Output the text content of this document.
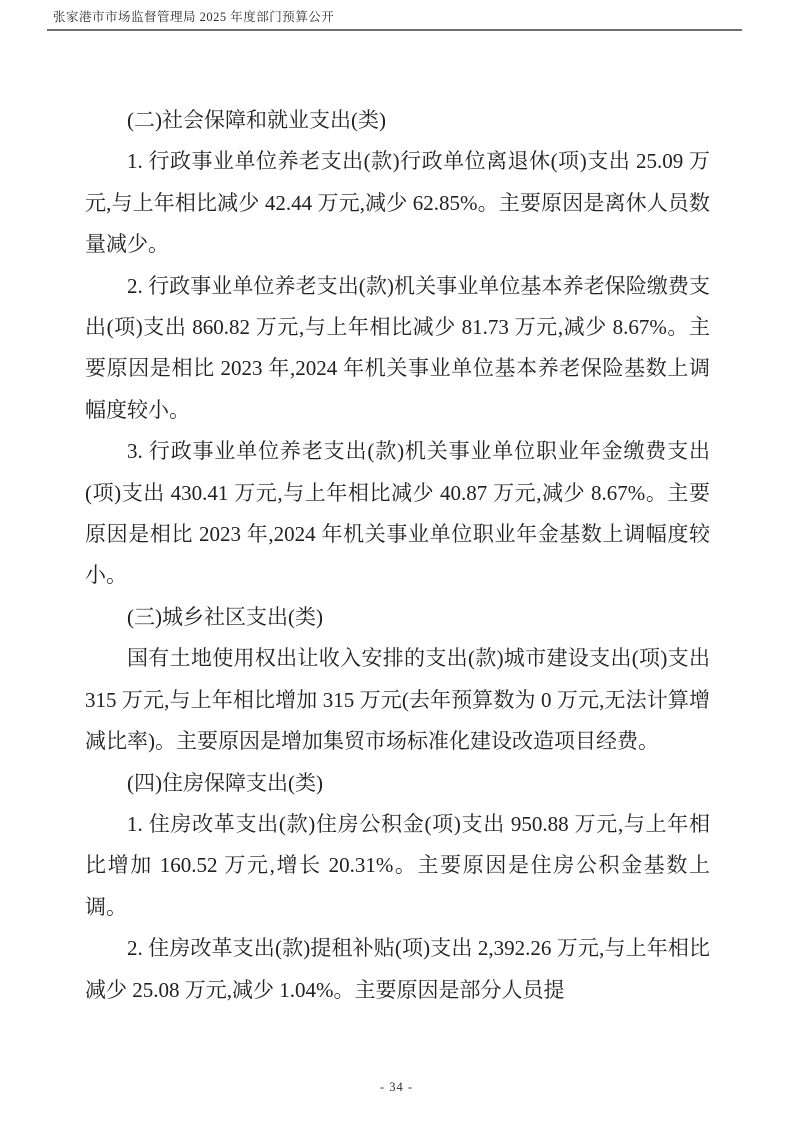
张家港市市场监督管理局 2025 年度部门预算公开

(二)社会保障和就业支出(类)

1. 行政事业单位养老支出(款)行政单位离退休(项)支出 25.09 万元,与上年相比减少 42.44 万元,减少 62.85%。主要原因是离休人员数量减少。

2. 行政事业单位养老支出(款)机关事业单位基本养老保险缴费支出(项)支出 860.82 万元,与上年相比减少 81.73 万元,减少 8.67%。主要原因是相比 2023 年,2024 年机关事业单位基本养老保险基数上调幅度较小。

3. 行政事业单位养老支出(款)机关事业单位职业年金缴费支出(项)支出 430.41 万元,与上年相比减少 40.87 万元,减少 8.67%。主要原因是相比 2023 年,2024 年机关事业单位职业年金基数上调幅度较小。

(三)城乡社区支出(类)

国有土地使用权出让收入安排的支出(款)城市建设支出(项)支出 315 万元,与上年相比增加 315 万元(去年预算数为 0 万元,无法计算增减比率)。主要原因是增加集贸市场标准化建设改造项目经费。

(四)住房保障支出(类)

1. 住房改革支出(款)住房公积金(项)支出 950.88 万元,与上年相比增加 160.52 万元,增长 20.31%。主要原因是住房公积金基数上调。

2. 住房改革支出(款)提租补贴(项)支出 2,392.26 万元,与上年相比减少 25.08 万元,减少 1.04%。主要原因是部分人员提

- 34 -
